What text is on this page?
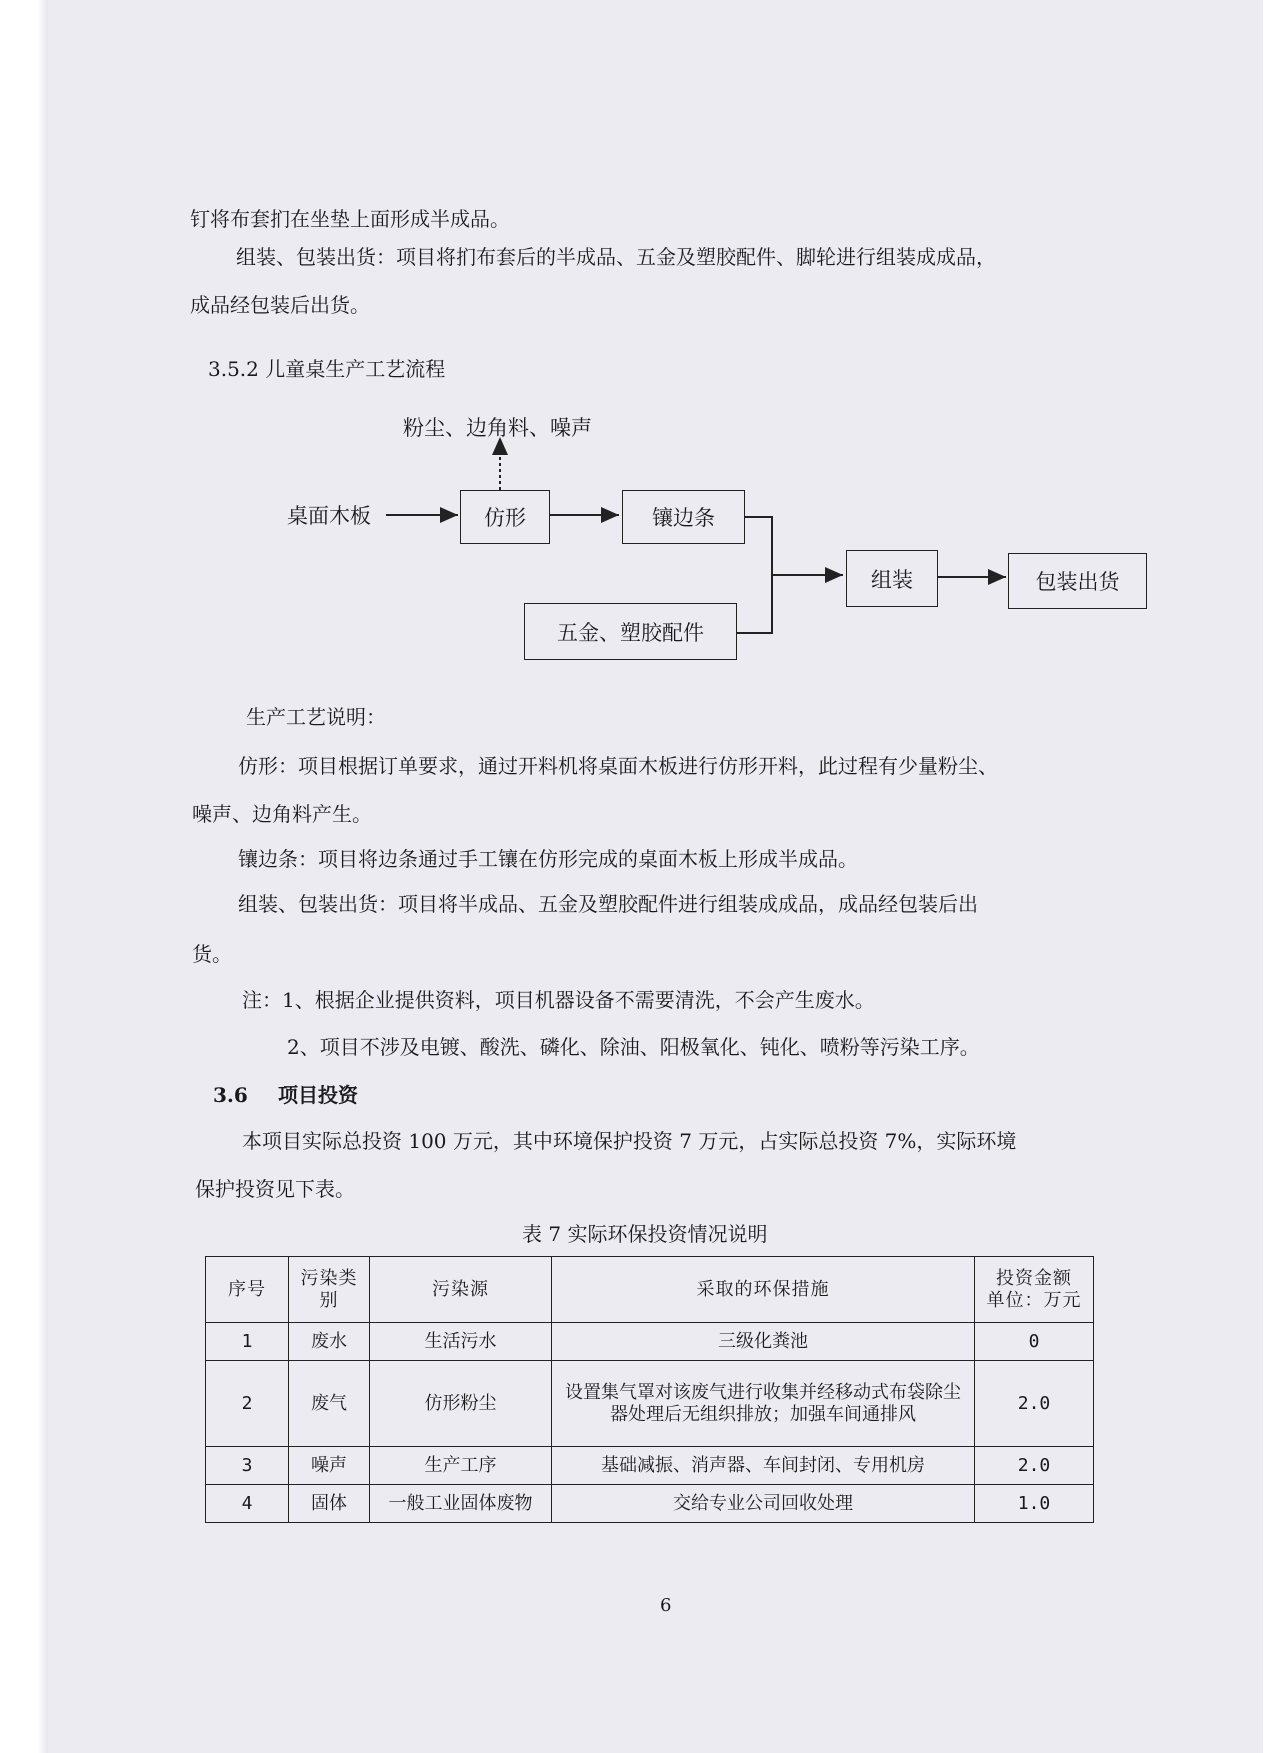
钉将布套扪在坐垫上面形成半成品。
组装、包装出货：项目将扪布套后的半成品、五金及塑胶配件、脚轮进行组装成成品，
成品经包装后出货。
3.5.2 儿童桌生产工艺流程
粉尘、边角料、噪声
桌面木板	仿形	镶边条
五金、塑胶配件
组装	包装出货
生产工艺说明：
仿形：项目根据订单要求，通过开料机将桌面木板进行仿形开料，此过程有少量粉尘、
噪声、边角料产生。
镶边条：项目将边条通过手工镶在仿形完成的桌面木板上形成半成品。
组装、包装出货：项目将半成品、五金及塑胶配件进行组装成成品，成品经包装后出
货。
注：1、根据企业提供资料，项目机器设备不需要清洗，不会产生废水。
2、项目不涉及电镀、酸洗、磷化、除油、阳极氧化、钝化、喷粉等污染工序。
3.6 项目投资
本项目实际总投资 100 万元，其中环境保护投资 7 万元，占实际总投资 7%，实际环境
保护投资见下表。
表 7 实际环保投资情况说明
序号	污染类别	污染源	采取的环保措施	投资金额
单位：万元

1	废水	生活污水	三级化粪池	0
2	废气	仿形粉尘	设置集气罩对该废气进行收集并经移动式布袋除尘器处理后无组织排放；加强车间通排风	2.0
3	噪声	生产工序	基础减振、消声器、车间封闭、专用机房	2.0
4	固体	一般工业固体废物	交给专业公司回收处理	1.0
6
